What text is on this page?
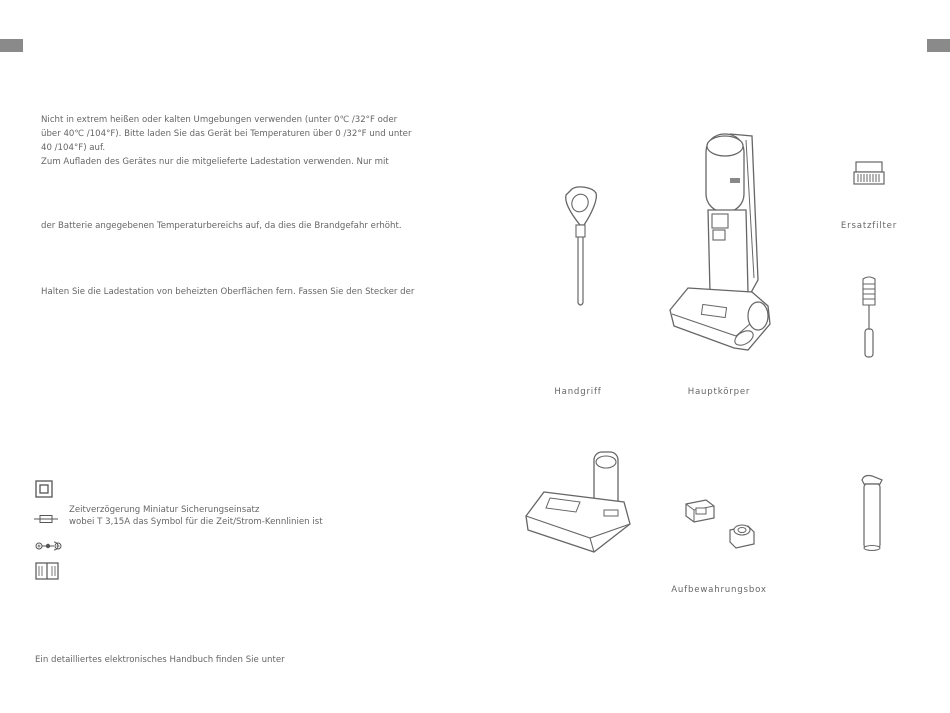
Nicht in extrem heißen oder kalten Umgebungen verwenden (unter 0℃ /32°F oder
über 40℃ /104°F). Bitte laden Sie das Gerät bei Temperaturen über 0 /32°F und unter
40 /104°F) auf.
Zum Aufladen des Gerätes nur die mitgelieferte Ladestation verwenden. Nur mit
der Batterie angegebenen Temperaturbereichs auf, da dies die Brandgefahr erhöht.
Halten Sie die Ladestation von beheizten Oberflächen fern. Fassen Sie den Stecker der
Zeitverzögerung Miniatur Sicherungseinsatz
wobei T 3,15A das Symbol für die Zeit/Strom-Kennlinien ist
Ein detailliertes elektronisches Handbuch finden Sie unter
Handgriff	Hauptkörper
Ersatzfilter
Aufbewahrungsbox
